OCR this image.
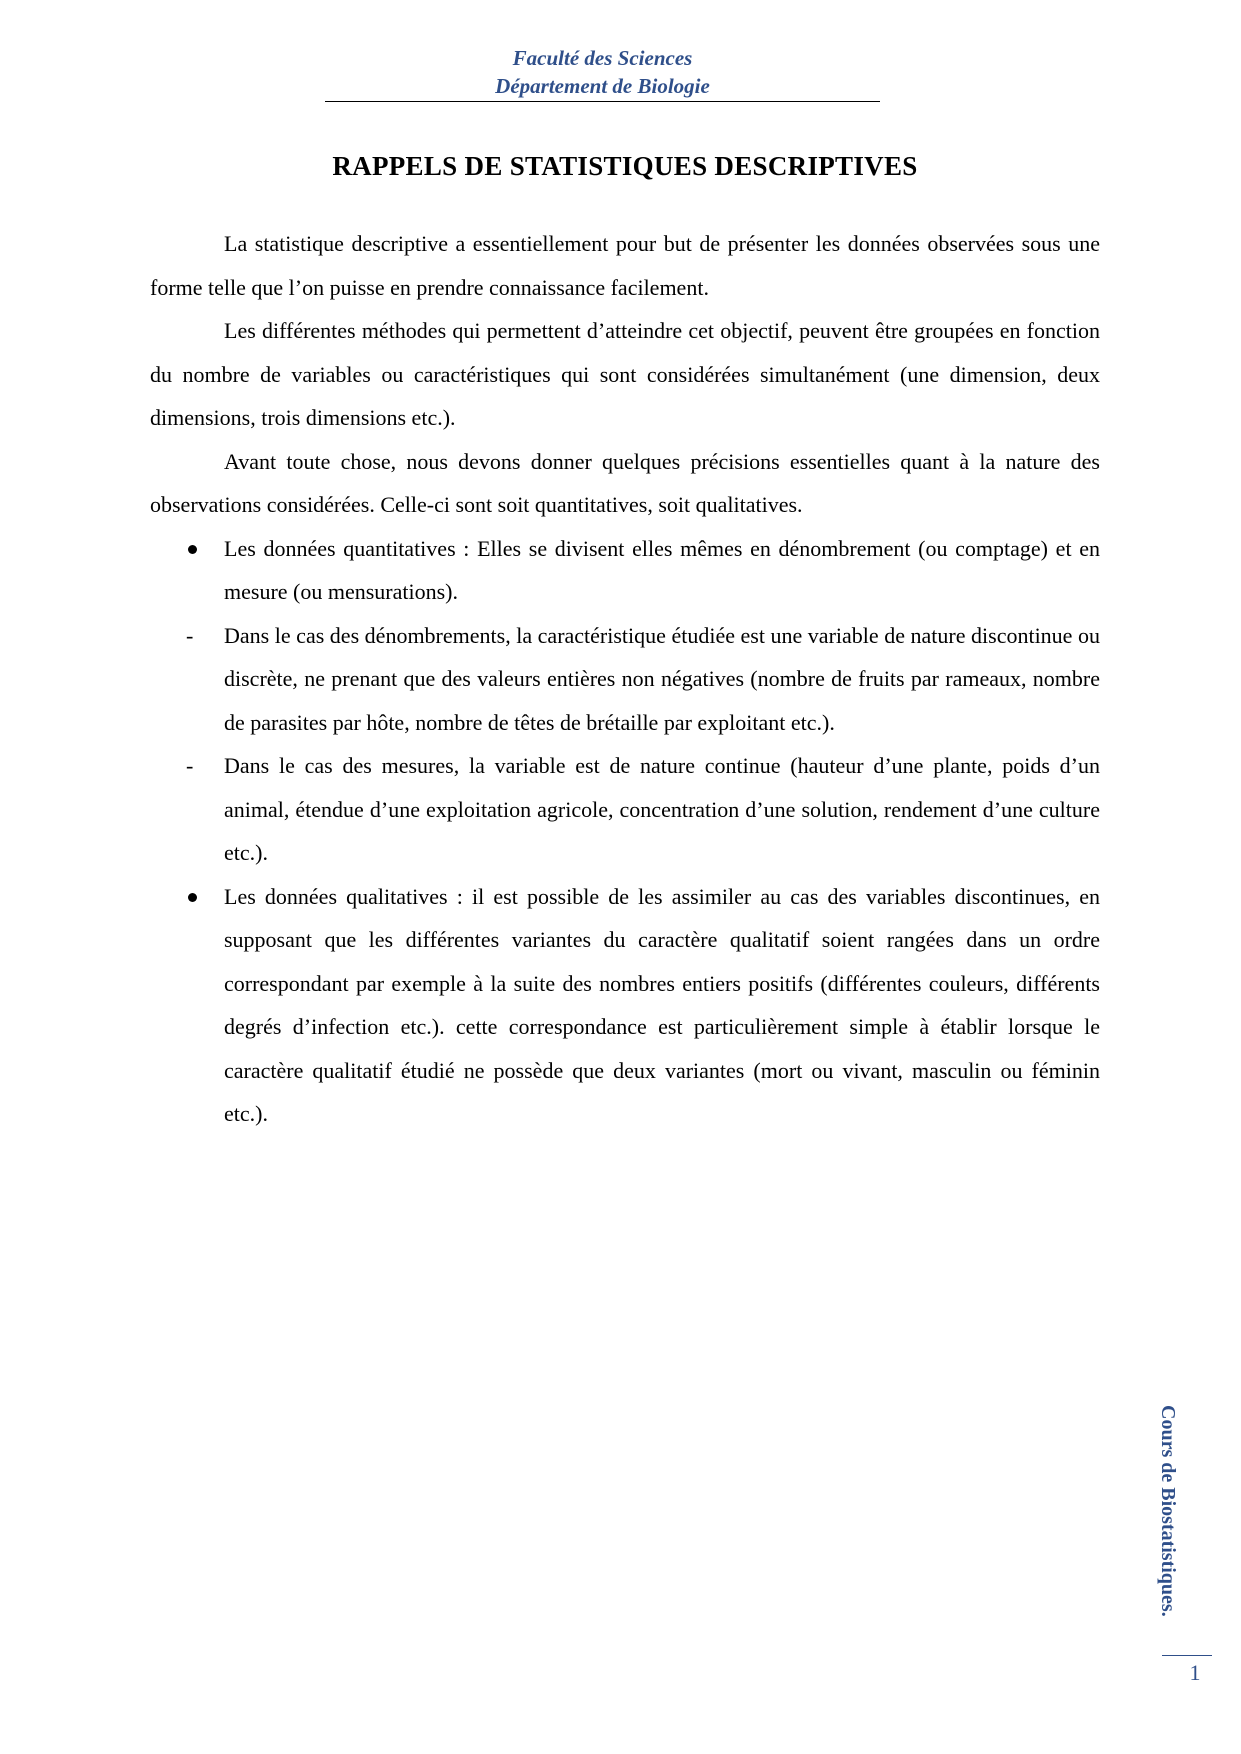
Faculté des Sciences
Département de Biologie
RAPPELS DE STATISTIQUES DESCRIPTIVES

La statistique descriptive a essentiellement pour but de présenter les données observées sous une forme telle que l’on puisse en prendre connaissance facilement.

Les différentes méthodes qui permettent d’atteindre cet objectif, peuvent être groupées en fonction du nombre de variables ou caractéristiques qui sont considérées simultanément (une dimension, deux dimensions, trois dimensions etc.).

Avant toute chose, nous devons donner quelques précisions essentielles quant à la nature des observations considérées. Celle-ci sont soit quantitatives, soit qualitatives.

Les données quantitatives : Elles se divisent elles mêmes en dénombrement (ou comptage) et en mesure (ou mensurations).
- Dans le cas des dénombrements, la caractéristique étudiée est une variable de nature discontinue ou discrète, ne prenant que des valeurs entières non négatives (nombre de fruits par rameaux, nombre de parasites par hôte, nombre de têtes de brétaille par exploitant etc.).
- Dans le cas des mesures, la variable est de nature continue (hauteur d’une plante, poids d’un animal, étendue d’une exploitation agricole, concentration d’une solution, rendement d’une culture etc.).
Les données qualitatives : il est possible de les assimiler au cas des variables discontinues, en supposant que les différentes variantes du caractère qualitatif soient rangées dans un ordre correspondant par exemple à la suite des nombres entiers positifs (différentes couleurs, différents degrés d’infection etc.). cette correspondance est particulièrement simple à établir lorsque le caractère qualitatif étudié ne possède que deux variantes (mort ou vivant, masculin ou féminin etc.).
Cours de Biostatistiques.
1
